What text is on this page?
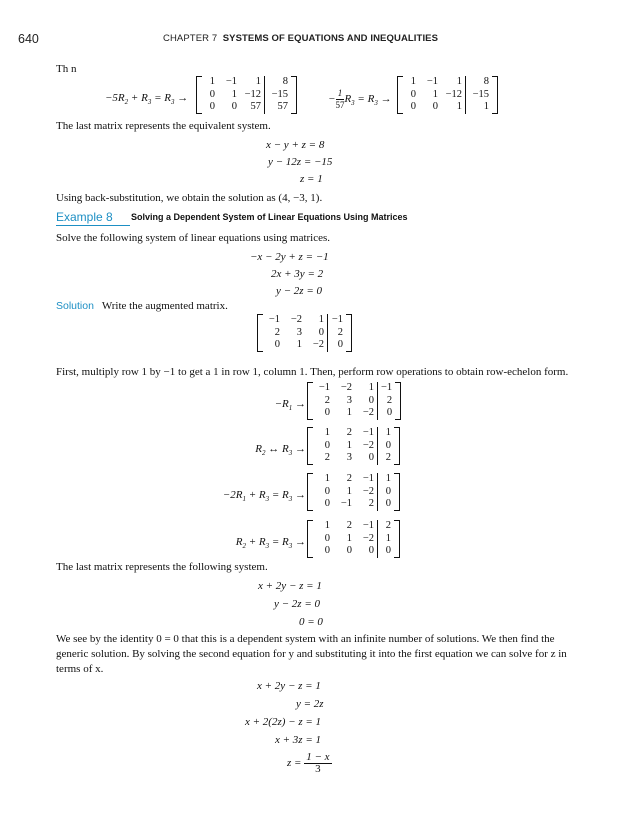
640	CHAPTER 7 SYSTEMS OF EQUATIONS AND INEQUALITIES
Th n
$-5R_2 + R_3 = R_3$ →
1	−1	1	8
0	1	−12	−15
0	0	57	57
− $\frac{1}{57} R_3 = R_3$ →
1	−1	1	8
0	1	−12	−15
0	0	1	1
The last matrix represents the equivalent system.
x − y + z = 8
y − 12z = −15
z = 1
Using back-substitution, we obtain the solution as (4, −3, 1).
Example 8 Solving a Dependent System of Linear Equations Using Matrices
Solve the following system of linear equations using matrices.
−x − 2y + z = −1
2x + 3y = 2
y − 2z = 0
Solution Write the augmented matrix.
−1	−2	1	−1
2	3	0	2
0	1	−2	0
First, multiply row 1 by −1 to get a 1 in row 1, column 1. Then, perform row operations to obtain row-echelon form.
$-R_1$ →
−1	−2	1	−1
2	3	0	2
0	1	−2	0
$R_2$ ↔ $R_3$ →
1	2	−1	1
0	1	−2	0
2	3	0	2
$-2R_1 + R_3 = R_3$ →
1	2	−1	1
0	1	−2	0
0	−1	2	0
$R_2 + R_3 = R_3$ →
1	2	−1	2
0	1	−2	1
0	0	0	0
The last matrix represents the following system.
x + 2y − z = 1
y − 2z = 0
0 = 0
We see by the identity 0 = 0 that this is a dependent system with an infinite number of solutions. We then find the generic solution. By solving the second equation for y and substituting it into the first equation we can solve for z in terms of x.
x + 2y − z = 1
y = 2z
x + 2(2z) − z = 1
x + 3z = 1
$z = \frac{1 - x}{3}$
